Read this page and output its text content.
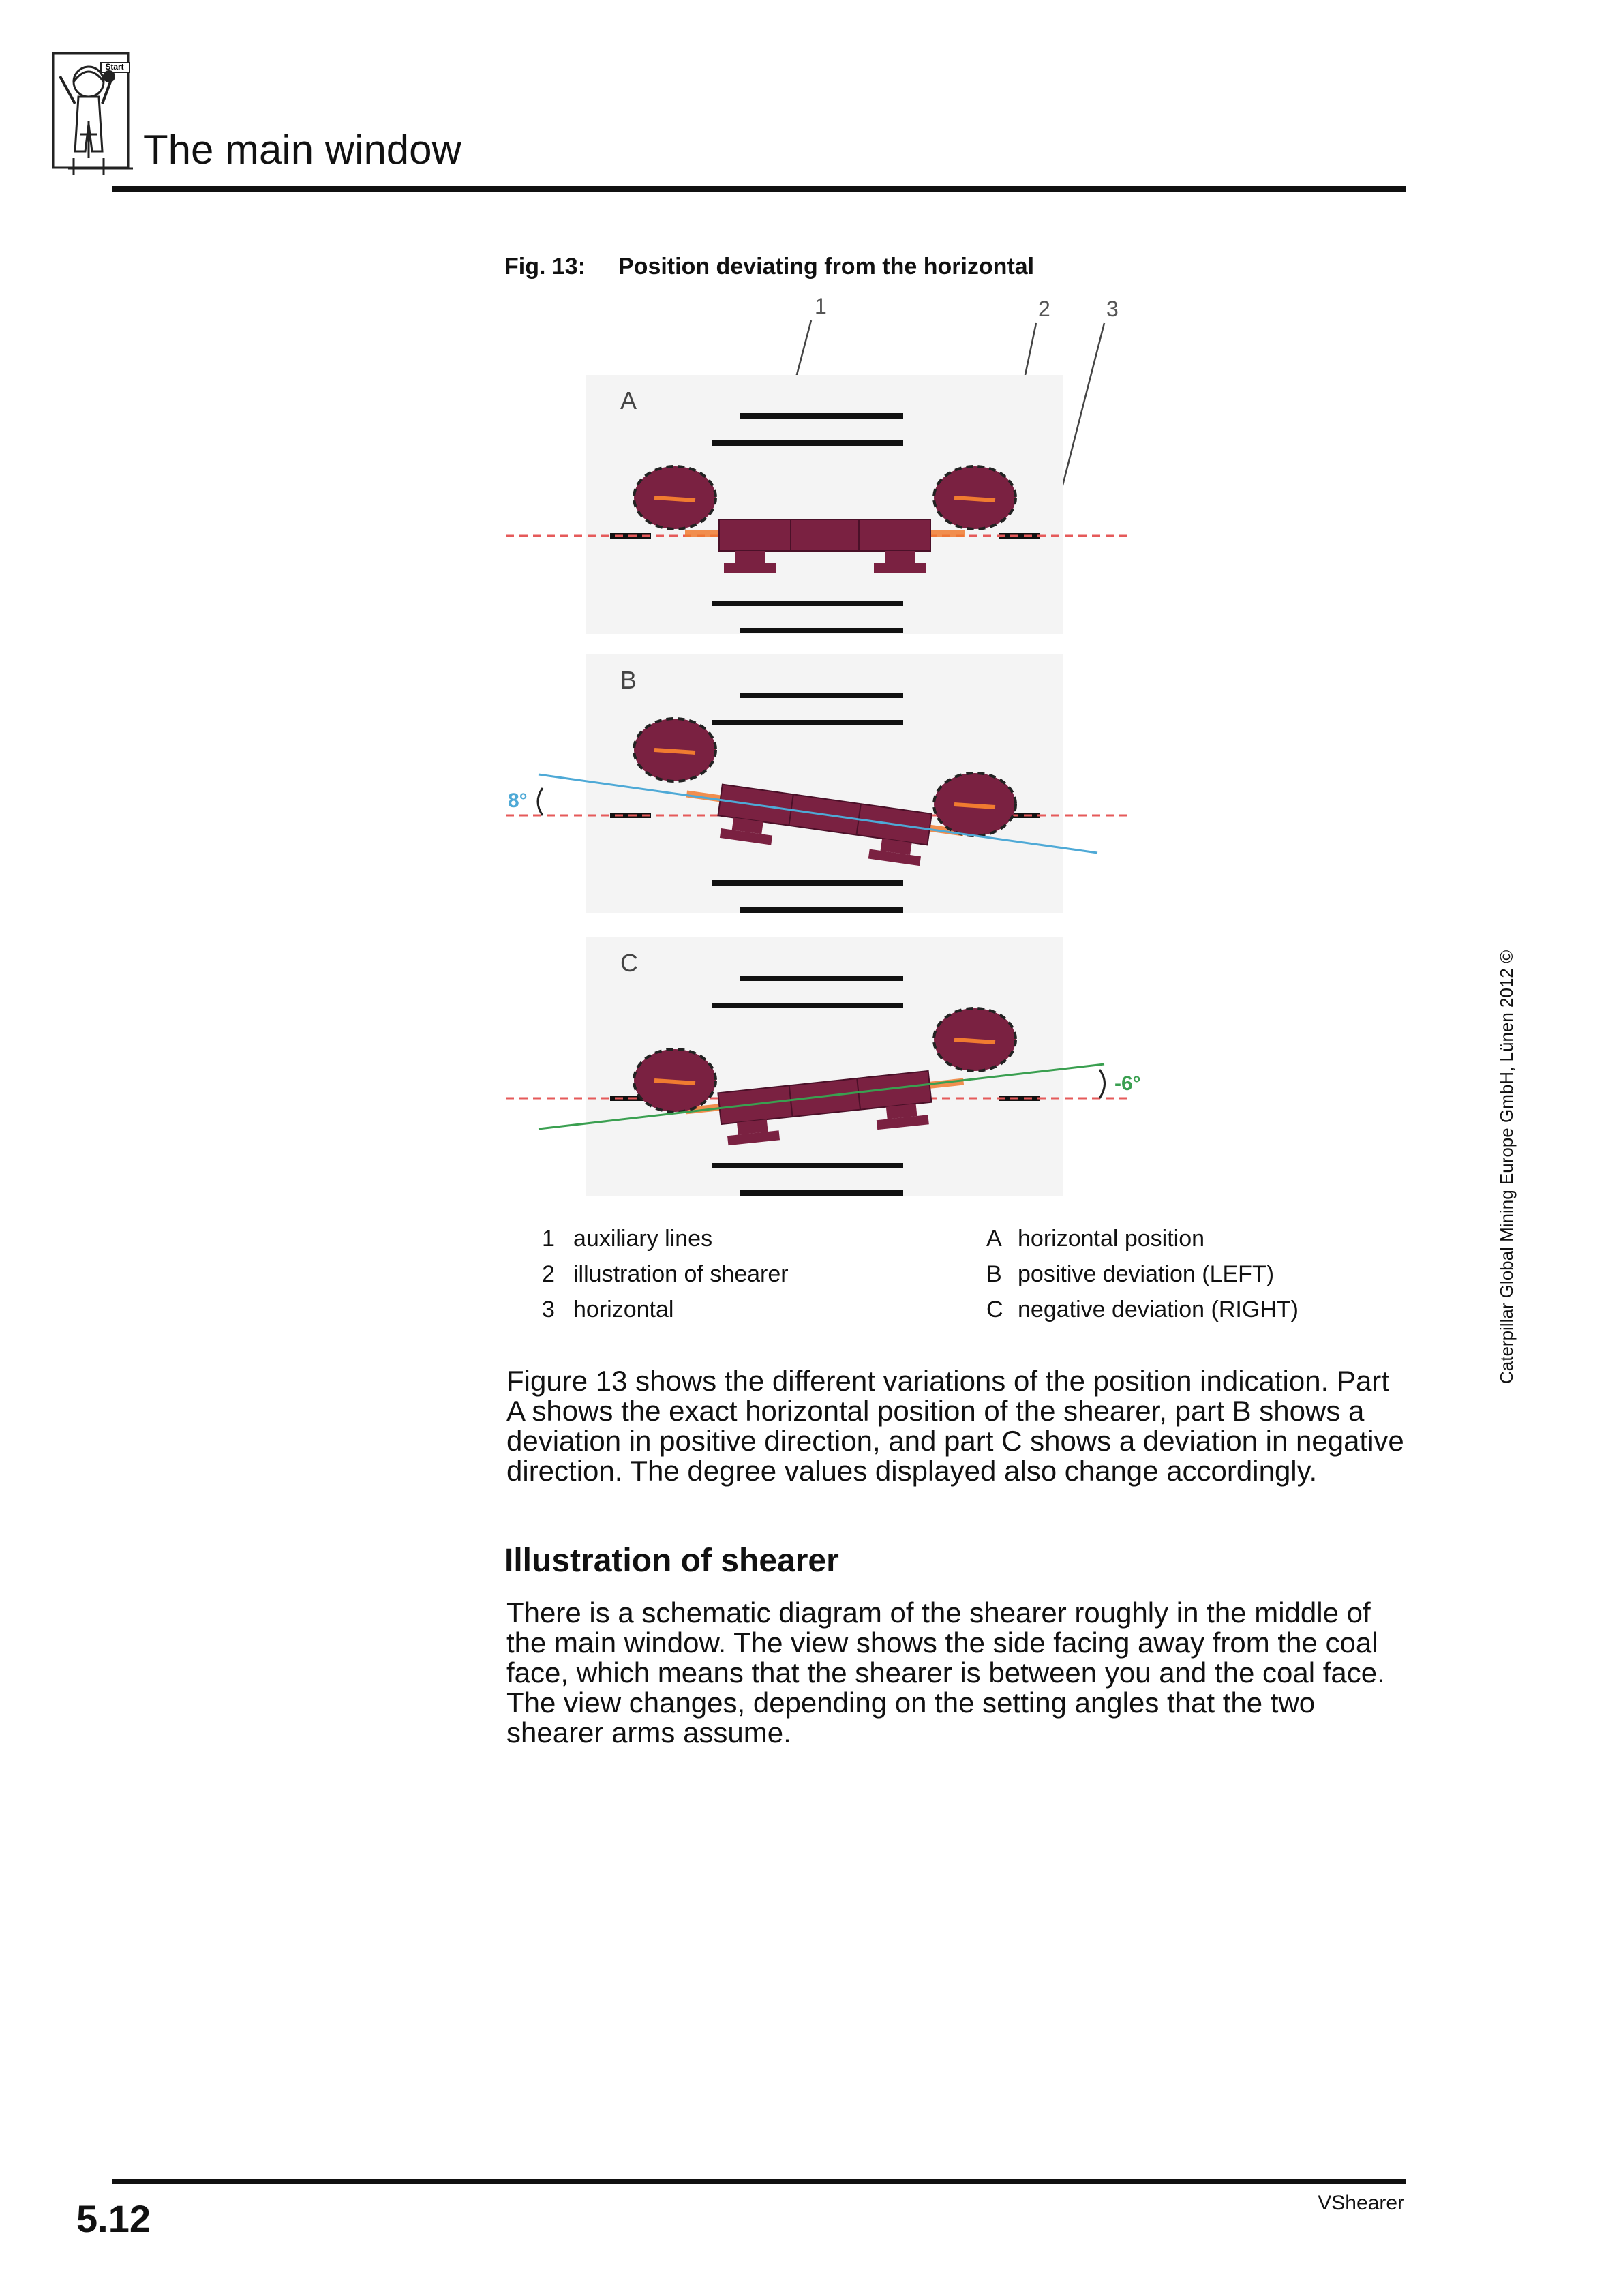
Start
The main window
Fig. 13: Position deviating from the horizontal
1	2	3
A
B
8°
C
-6°
1 auxiliary lines
2 illustration of shearer
3 horizontal
A horizontal position
B positive deviation (LEFT)
C negative deviation (RIGHT)
Figure 13 shows the different variations of the position indication. Part A shows the exact horizontal position of the shearer, part B shows a deviation in positive direction, and part C shows a deviation in negative direction. The degree values displayed also change accordingly.
Illustration of shearer
There is a schematic diagram of the shearer roughly in the middle of the main window. The view shows the side facing away from the coal face, which means that the shearer is between you and the coal face. The view changes, depending on the setting angles that the two shearer arms assume.
Caterpillar Global Mining Europe GmbH, Lünen 2012 ©
5.12	VShearer
